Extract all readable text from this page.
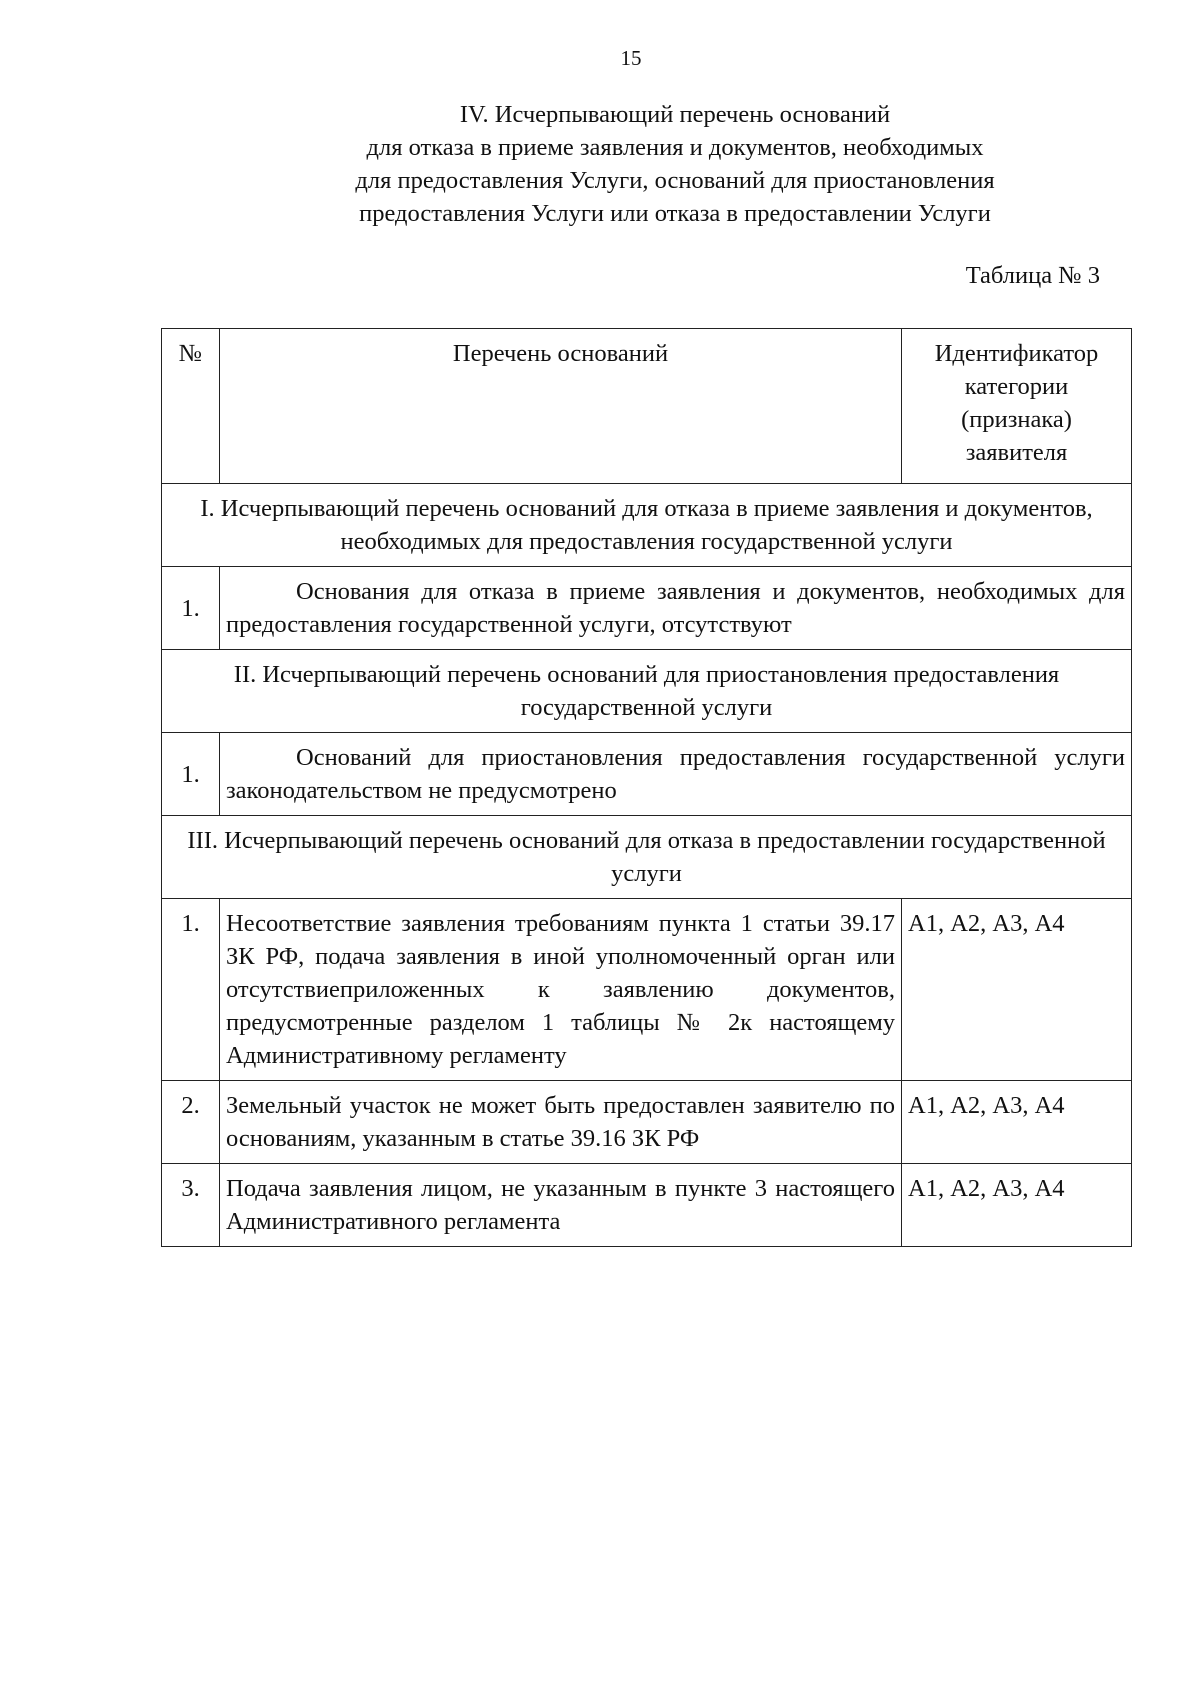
15
IV. Исчерпывающий перечень оснований
для отказа в приеме заявления и документов, необходимых
для предоставления Услуги, оснований для приостановления
предоставления Услуги или отказа в предоставлении Услуги
Таблица № 3
№	Перечень оснований	Идентификатор категории (признака) заявителя
I. Исчерпывающий перечень оснований для отказа в приеме заявления и документов, необходимых для предоставления государственной услуги		
1.	Основания для отказа в приеме заявления и документов, необходимых для предоставления государственной услуги, отсутствуют	
II. Исчерпывающий перечень оснований для приостановления предоставления государственной услуги		
1.	Оснований для приостановления предоставления государственной услуги законодательством не предусмотрено	
III. Исчерпывающий перечень оснований для отказа в предоставлении государственной услуги		
1.	Несоответствие заявления требованиям пункта 1 статьи 39.17 ЗК РФ, подача заявления в иной уполномоченный орган или отсутствиеприложенных к заявлению документов, предусмотренные разделом 1 таблицы № 2к настоящему Административному регламенту	А1, А2, А3, А4
2.	Земельный участок не может быть предоставлен заявителю по основаниям, указанным в статье 39.16 ЗК РФ	А1, А2, А3, А4
3.	Подача заявления лицом, не указанным в пункте 3 настоящего Административного регламента	А1, А2, А3, А4
